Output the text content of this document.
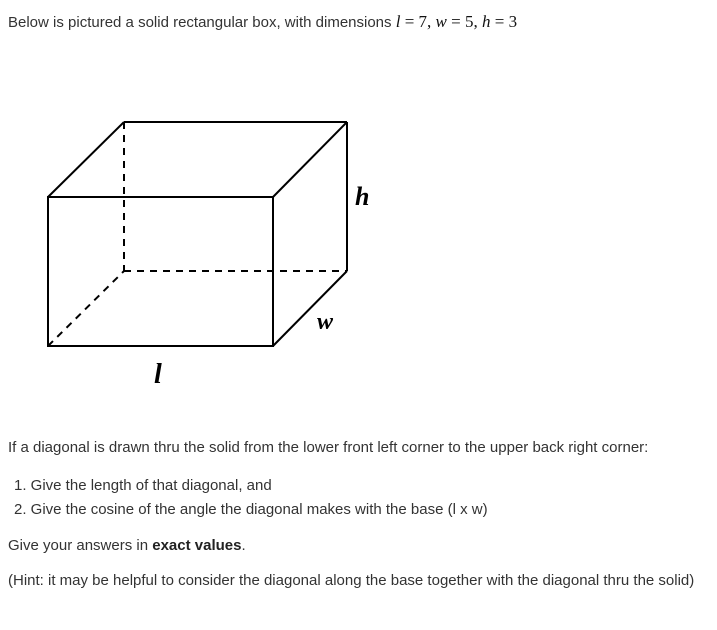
Below is pictured a solid rectangular box, with dimensions l = 7, w = 5, h = 3
h
w
l
If a diagonal is drawn thru the solid from the lower front left corner to the upper back right corner:
1. Give the length of that diagonal, and
2. Give the cosine of the angle the diagonal makes with the base (l x w)
Give your answers in exact values.
(Hint: it may be helpful to consider the diagonal along the base together with the diagonal thru the solid)
